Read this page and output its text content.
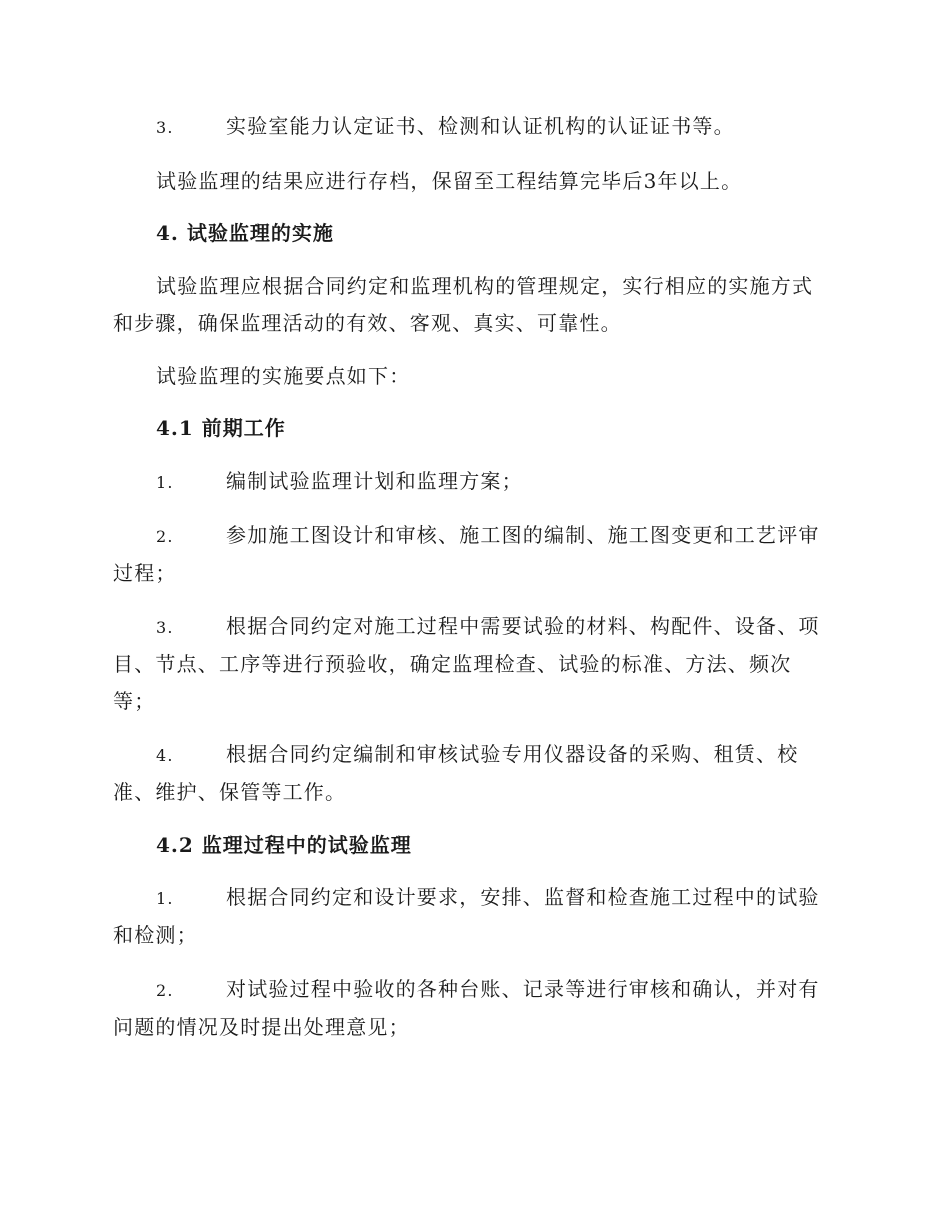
3.	实验室能力认定证书、检测和认证机构的认证证书等。
试验监理的结果应进行存档，保留至工程结算完毕后3年以上。
4. 试验监理的实施
试验监理应根据合同约定和监理机构的管理规定，实行相应的实施方式和步骤，确保监理活动的有效、客观、真实、可靠性。
试验监理的实施要点如下：
4.1 前期工作
1.	编制试验监理计划和监理方案；
2.	参加施工图设计和审核、施工图的编制、施工图变更和工艺评审过程；
3.	根据合同约定对施工过程中需要试验的材料、构配件、设备、项目、节点、工序等进行预验收，确定监理检查、试验的标准、方法、频次等；
4.	根据合同约定编制和审核试验专用仪器设备的采购、租赁、校准、维护、保管等工作。
4.2 监理过程中的试验监理
1.	根据合同约定和设计要求，安排、监督和检查施工过程中的试验和检测；
2.	对试验过程中验收的各种台账、记录等进行审核和确认，并对有问题的情况及时提出处理意见；
